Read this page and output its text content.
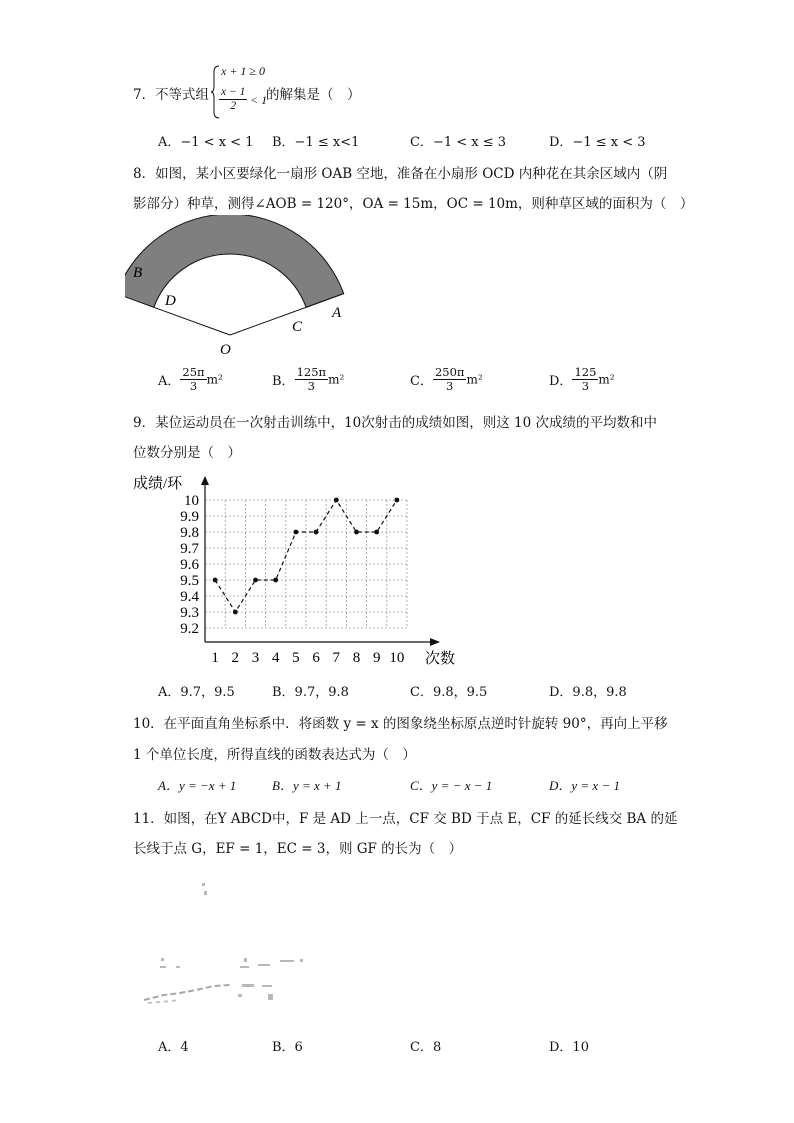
7． 不等式组
x + 1 ≥ 0
$\frac{x - 1}{2} < 1$
的解集是（　）
A．−1 < x < 1 B．−1 ≤ x<1	C．−1 < x ≤ 3	D．−1 ≤ x < 3
8．如图，某小区要绿化一扇形 OAB 空地，准备在小扇形 OCD 内种花在其余区域内（阴
影部分）种草，测得∠AOB = 120°，OA = 15m，OC = 10m，则种草区域的面积为（　）
B
D
C
A
O
A． $\frac{25\pi}{3} m^2$	B． $\frac{125\pi}{3} m^2$	C． $\frac{250\pi}{3} m^2$	D． $\frac{125}{3} m^2$
9．某位运动员在一次射击训练中，10次射击的成绩如图，则这 10 次成绩的平均数和中
位数分别是（　）
9.2
9.3
9.4
9.5
9.6
9.7
9.8
9.9
10
1 2 3 4 5 6 7 8 9 10
成绩/环
次数
A．9.7，9.5	B．9.7，9.8	C．9.8，9.5	D．9.8，9.8
10．在平面直角坐标系中．将函数 y = x 的图象绕坐标原点逆时针旋转 90°，再向上平移
1 个单位长度，所得直线的函数表达式为（　）
A．y = −x + 1	B．y = x + 1	C．y = − x − 1	D．y = x − 1
11．如图，在Y ABCD中，F 是 AD 上一点，CF 交 BD 于点 E，CF 的延长线交 BA 的延
长线于点 G，EF = 1，EC = 3，则 GF 的长为（　）
A．4	B．6	C．8	D．10
